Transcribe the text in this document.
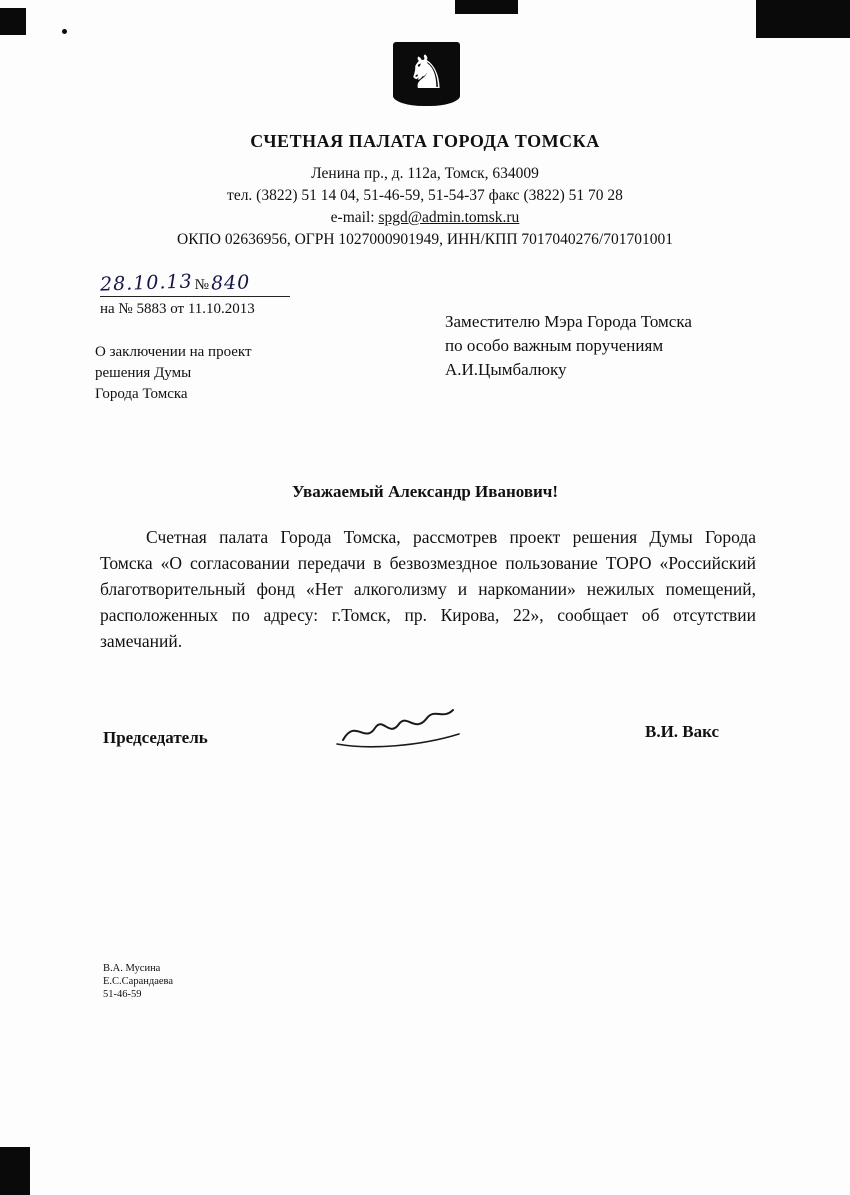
♞
СЧЕТНАЯ ПАЛАТА ГОРОДА ТОМСКА
Ленина пр., д. 112а, Томск, 634009
тел. (3822) 51 14 04, 51-46-59, 51-54-37 факс (3822) 51 70 28
e-mail: spgd@admin.tomsk.ru
ОКПО 02636956, ОГРН 1027000901949, ИНН/КПП 7017040276/701701001
28.10.13 №840
на № 5883 от 11.10.2013
О заключении на проект
решения Думы
Города Томска
Заместителю Мэра Города Томска
по особо важным поручениям
А.И.Цымбалюку
Уважаемый Александр Иванович!
Счетная палата Города Томска, рассмотрев проект решения Думы Города Томска «О согласовании передачи в безвозмездное пользование ТОРО «Российский благотворительный фонд «Нет алкоголизму и наркомании» нежилых помещений, расположенных по адресу: г.Томск, пр. Кирова, 22», сообщает об отсутствии замечаний.
Председатель	В.И. Вакс
В.А. Мусина
Е.С.Сарандаева
51-46-59
